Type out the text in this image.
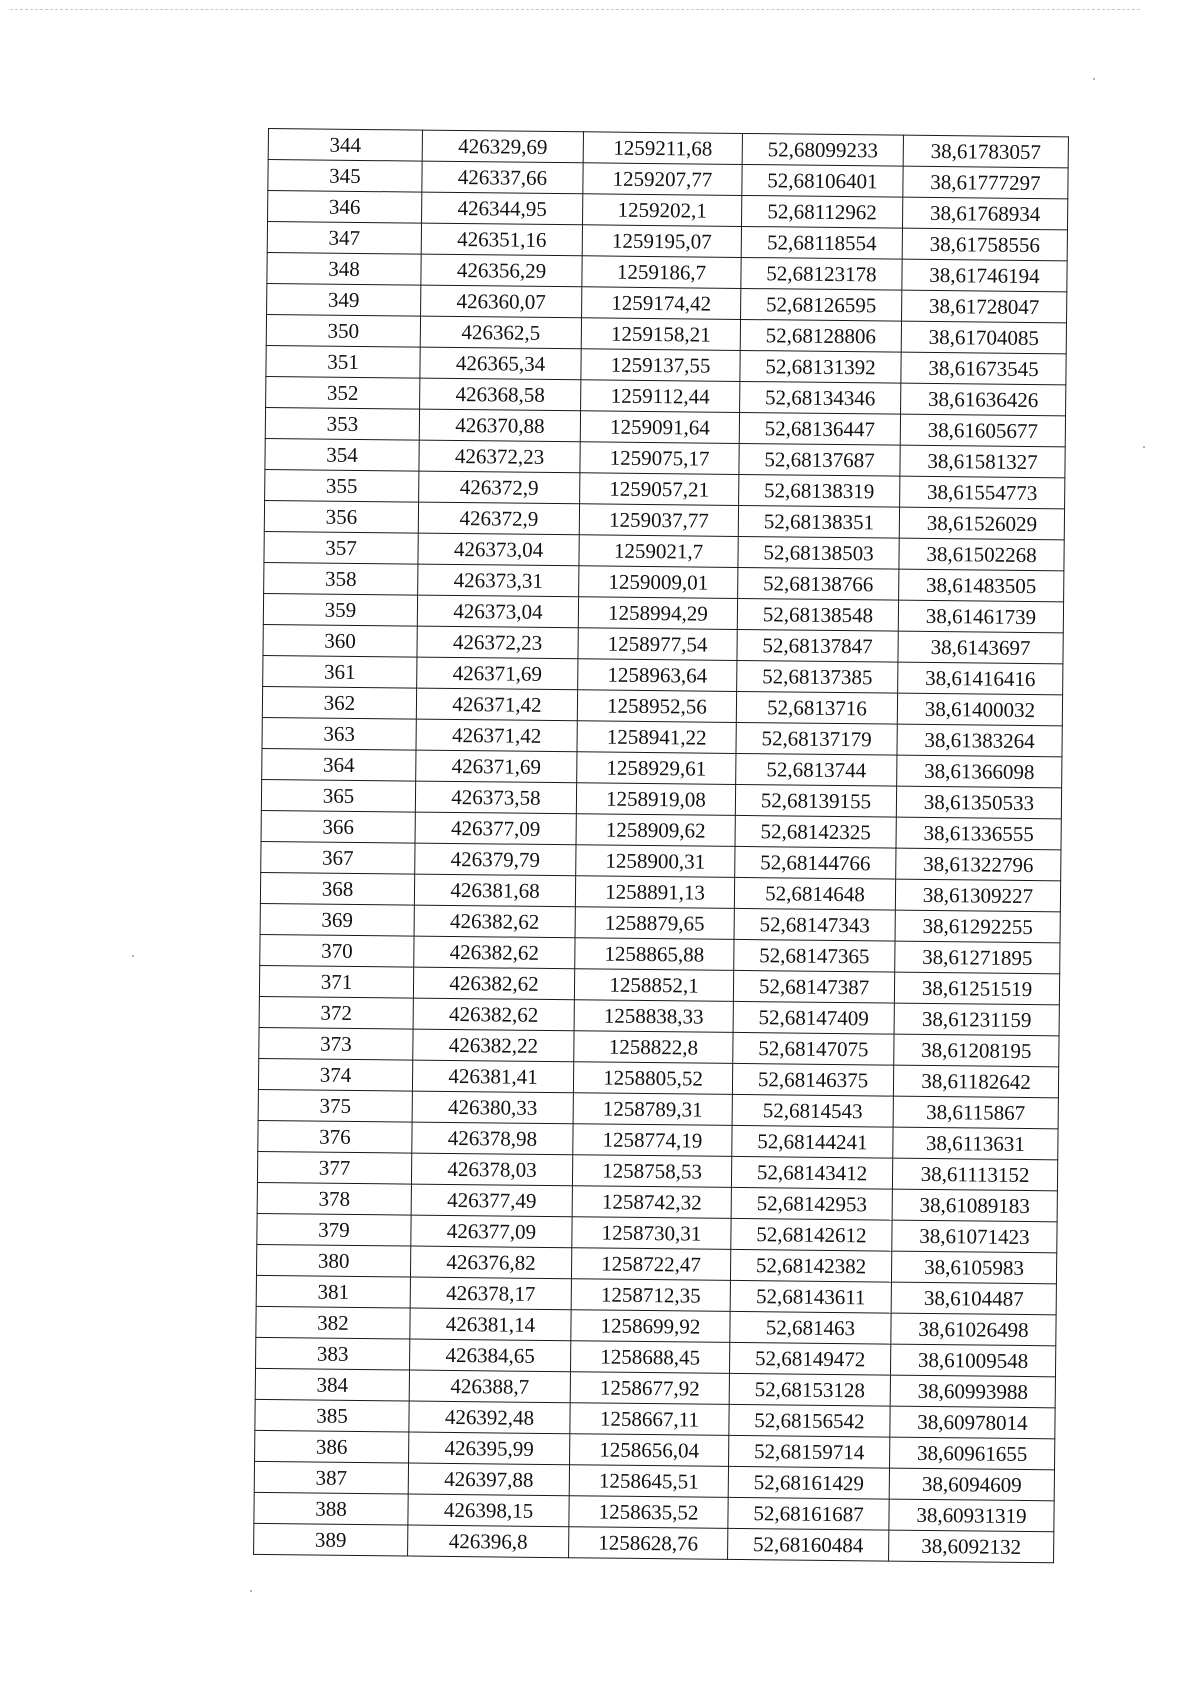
344	426329,69	1259211,68	52,68099233	38,61783057
345	426337,66	1259207,77	52,68106401	38,61777297
346	426344,95	1259202,1	52,68112962	38,61768934
347	426351,16	1259195,07	52,68118554	38,61758556
348	426356,29	1259186,7	52,68123178	38,61746194
349	426360,07	1259174,42	52,68126595	38,61728047
350	426362,5	1259158,21	52,68128806	38,61704085
351	426365,34	1259137,55	52,68131392	38,61673545
352	426368,58	1259112,44	52,68134346	38,61636426
353	426370,88	1259091,64	52,68136447	38,61605677
354	426372,23	1259075,17	52,68137687	38,61581327
355	426372,9	1259057,21	52,68138319	38,61554773
356	426372,9	1259037,77	52,68138351	38,61526029
357	426373,04	1259021,7	52,68138503	38,61502268
358	426373,31	1259009,01	52,68138766	38,61483505
359	426373,04	1258994,29	52,68138548	38,61461739
360	426372,23	1258977,54	52,68137847	38,6143697
361	426371,69	1258963,64	52,68137385	38,61416416
362	426371,42	1258952,56	52,6813716	38,61400032
363	426371,42	1258941,22	52,68137179	38,61383264
364	426371,69	1258929,61	52,6813744	38,61366098
365	426373,58	1258919,08	52,68139155	38,61350533
366	426377,09	1258909,62	52,68142325	38,61336555
367	426379,79	1258900,31	52,68144766	38,61322796
368	426381,68	1258891,13	52,6814648	38,61309227
369	426382,62	1258879,65	52,68147343	38,61292255
370	426382,62	1258865,88	52,68147365	38,61271895
371	426382,62	1258852,1	52,68147387	38,61251519
372	426382,62	1258838,33	52,68147409	38,61231159
373	426382,22	1258822,8	52,68147075	38,61208195
374	426381,41	1258805,52	52,68146375	38,61182642
375	426380,33	1258789,31	52,6814543	38,6115867
376	426378,98	1258774,19	52,68144241	38,6113631
377	426378,03	1258758,53	52,68143412	38,61113152
378	426377,49	1258742,32	52,68142953	38,61089183
379	426377,09	1258730,31	52,68142612	38,61071423
380	426376,82	1258722,47	52,68142382	38,6105983
381	426378,17	1258712,35	52,68143611	38,6104487
382	426381,14	1258699,92	52,681463	38,61026498
383	426384,65	1258688,45	52,68149472	38,61009548
384	426388,7	1258677,92	52,68153128	38,60993988
385	426392,48	1258667,11	52,68156542	38,60978014
386	426395,99	1258656,04	52,68159714	38,60961655
387	426397,88	1258645,51	52,68161429	38,6094609
388	426398,15	1258635,52	52,68161687	38,60931319
389	426396,8	1258628,76	52,68160484	38,6092132
